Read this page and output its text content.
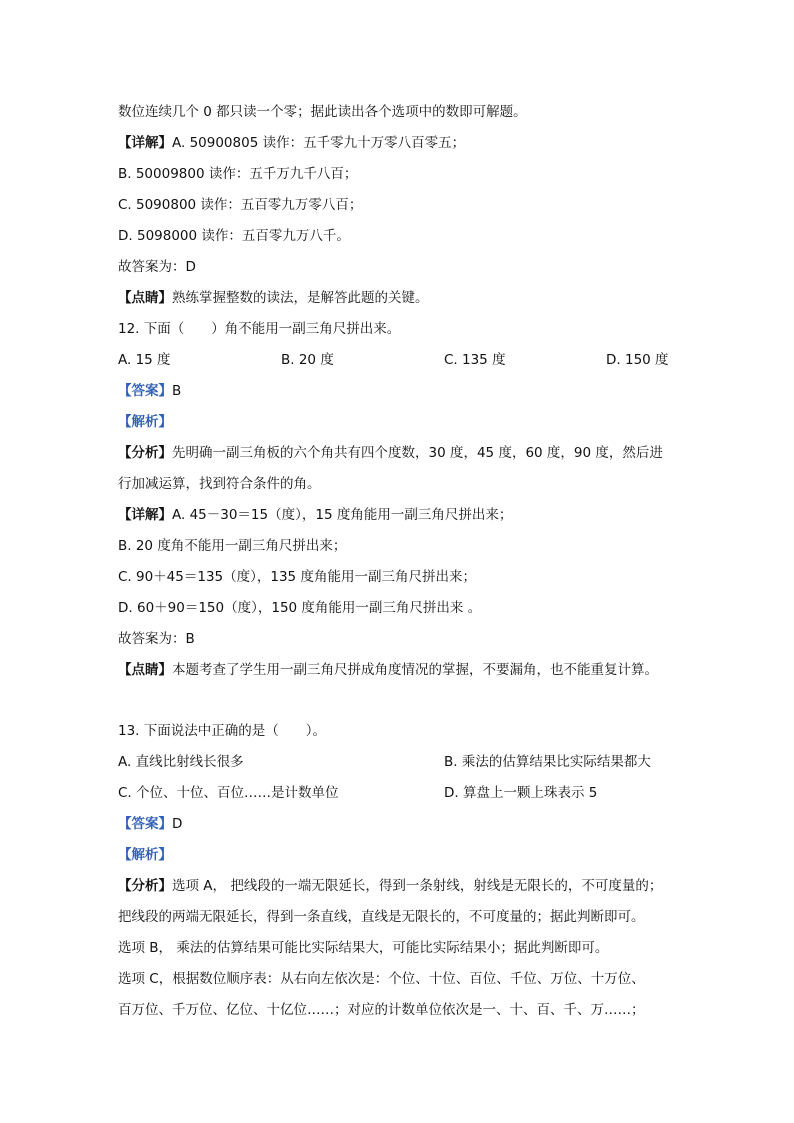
数位连续几个 0 都只读一个零；据此读出各个选项中的数即可解题。
【详解】A. 50900805 读作：五千零九十万零八百零五；
B. 50009800 读作：五千万九千八百；
C. 5090800 读作：五百零九万零八百；
D. 5098000 读作：五百零九万八千。
故答案为：D
【点睛】熟练掌握整数的读法，是解答此题的关键。
12. 下面（　　）角不能用一副三角尺拼出来。
A. 15 度	B. 20 度	C. 135 度	D. 150 度
【答案】B
【解析】
【分析】先明确一副三角板的六个角共有四个度数，30 度，45 度，60 度，90 度，然后进
行加减运算，找到符合条件的角。
【详解】A. 45－30＝15（度），15 度角能用一副三角尺拼出来；
B. 20 度角不能用一副三角尺拼出来；
C. 90＋45＝135（度），135 度角能用一副三角尺拼出来；
D. 60＋90＝150（度），150 度角能用一副三角尺拼出来 。
故答案为：B
【点睛】本题考查了学生用一副三角尺拼成角度情况的掌握，不要漏角，也不能重复计算。
13. 下面说法中正确的是（　　）。
A. 直线比射线长很多	B. 乘法的估算结果比实际结果都大
C. 个位、十位、百位……是计数单位	D. 算盘上一颗上珠表示 5
【答案】D
【解析】
【分析】选项 A， 把线段的一端无限延长，得到一条射线，射线是无限长的，不可度量的；
把线段的两端无限延长，得到一条直线，直线是无限长的，不可度量的；据此判断即可。
选项 B， 乘法的估算结果可能比实际结果大，可能比实际结果小；据此判断即可。
选项 C，根据数位顺序表：从右向左依次是：个位、十位、百位、千位、万位、十万位、
百万位、千万位、亿位、十亿位……；对应的计数单位依次是一、十、百、千、万……；
